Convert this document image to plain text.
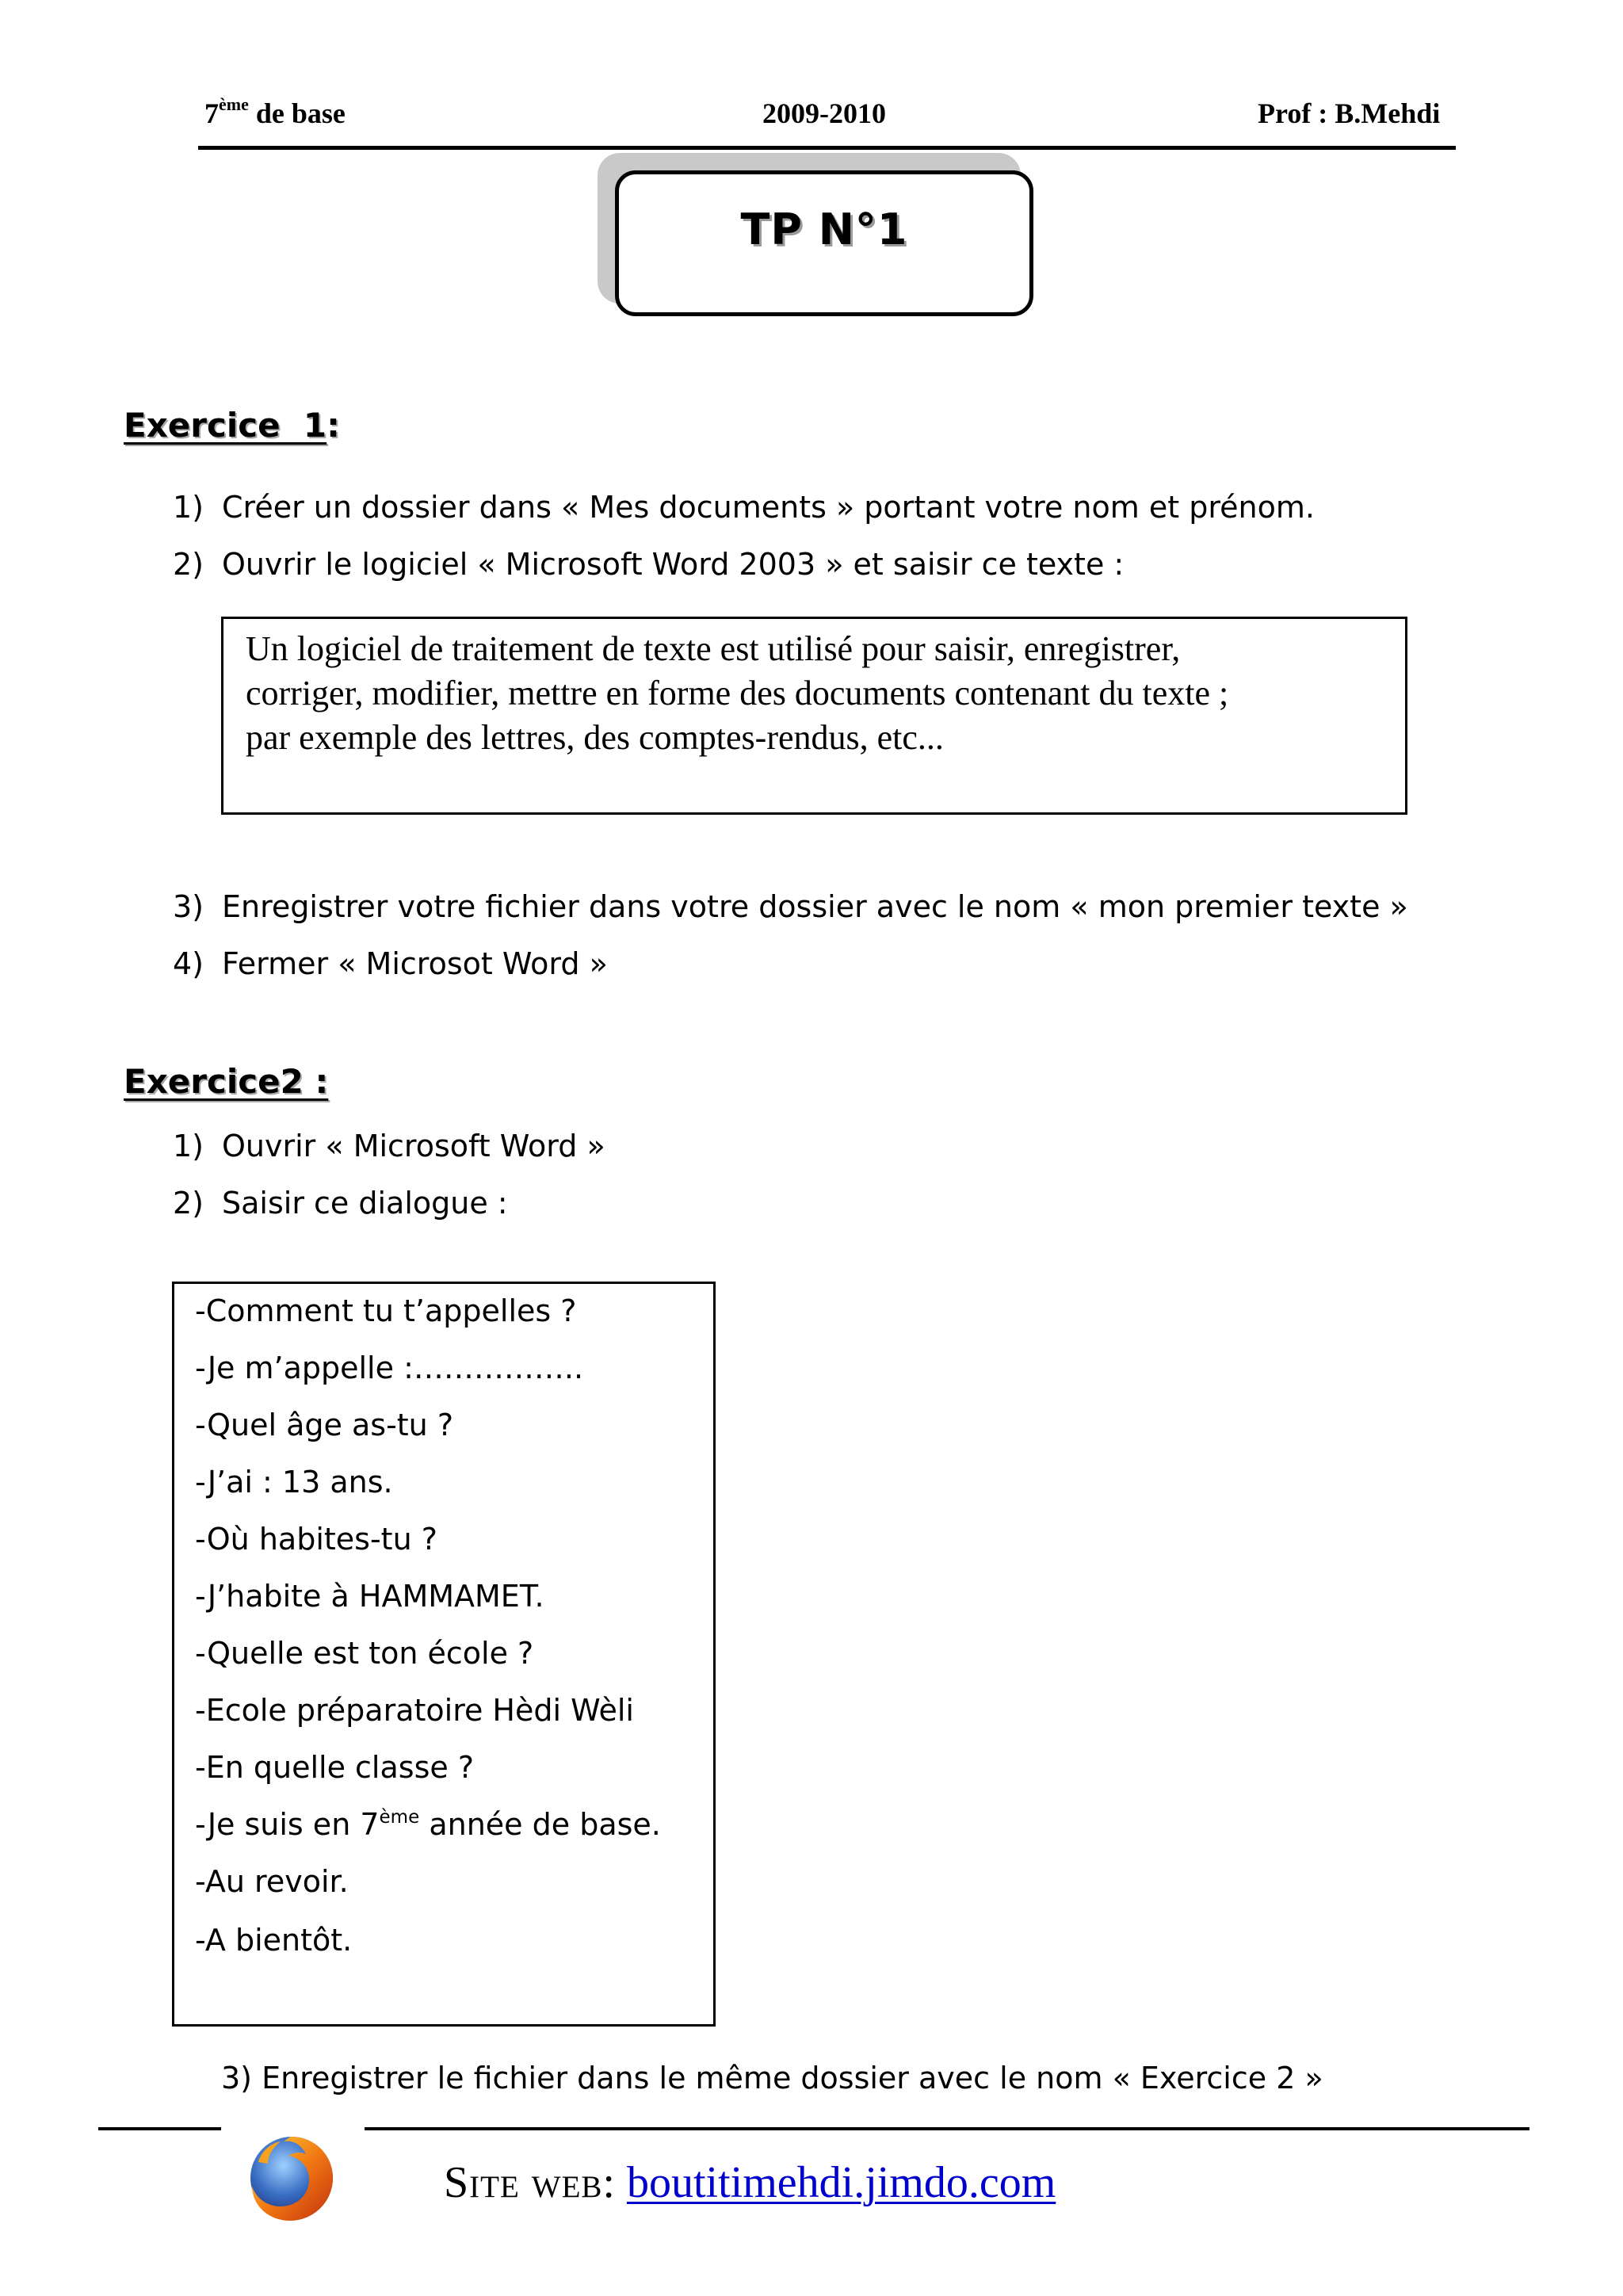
7ème de base	2009-2010	Prof : B.Mehdi
TP N°1
Exercice  1:
1) Créer un dossier dans « Mes documents » portant votre nom et prénom.
2) Ouvrir le logiciel « Microsoft Word 2003 » et saisir ce texte :
Un logiciel de traitement de texte est utilisé pour saisir, enregistrer,
corriger, modifier, mettre en forme des documents contenant du texte ;
par exemple des lettres, des comptes-rendus, etc...
3) Enregistrer votre fichier dans votre dossier avec le nom « mon premier texte »
4) Fermer « Microsot Word »
Exercice2 :
1) Ouvrir « Microsoft Word »
2) Saisir ce dialogue :
-Comment tu t’appelles ?
-Je m’appelle :……………..
-Quel âge as-tu ?
-J’ai : 13 ans.
-Où habites-tu ?
-J’habite à HAMMAMET.
-Quelle est ton école ?
-Ecole préparatoire Hèdi Wèli
-En quelle classe ?
-Je suis en 7ème année de base.
-Au revoir.
-A bientôt.
3) Enregistrer le fichier dans le même dossier avec le nom « Exercice 2 »
Site web: boutitimehdi.jimdo.com
